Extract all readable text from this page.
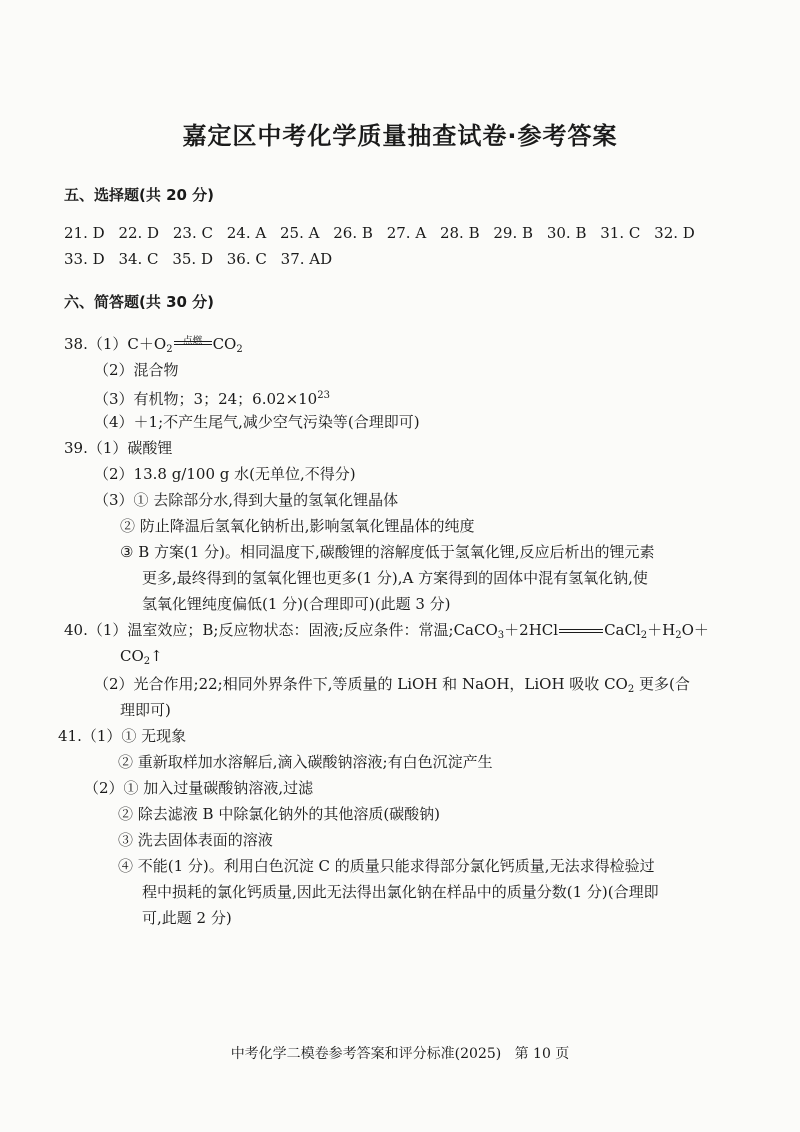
嘉定区中考化学质量抽查试卷·参考答案
五、选择题(共 20 分)
21. D 22. D 23. C 24. A 25. A 26. B 27. A 28. B 29. B 30. B 31. C 32. D
33. D 34. C 35. D 36. C 37. AD
六、简答题(共 30 分)
$38.(1)C+O_2$
点燃 $CO_2$
（2）混合物
（3）有机物；3；24；$6.02\times 10^{23}$
（4）＋1;不产生尾气,减少空气污染等(合理即可)
39.（1）碳酸锂
（2）13.8 g/100 g 水(无单位,不得分)
（3）① 去除部分水,得到大量的氢氧化锂晶体
② 防止降温后氢氧化钠析出,影响氢氧化锂晶体的纯度
③ B 方案(1 分)。相同温度下,碳酸锂的溶解度低于氢氧化锂,反应后析出的锂元素
更多,最终得到的氢氧化锂也更多(1 分),A 方案得到的固体中混有氢氧化钠,使
氢氧化锂纯度偏低(1 分)(合理即可)(此题 3 分)
40.（1）温室效应；B;反应物状态：固液;反应条件：常温;CaCO$_3$＋2HCl	$CaCl_2+H_2O+$
$CO_2↑$
（2）光合作用;22;相同外界条件下,等质量的 LiOH 和 NaOH，LiOH 吸收 $CO_2$ 更多(合
理即可)
41.（1）① 无现象
② 重新取样加水溶解后,滴入碳酸钠溶液;有白色沉淀产生
（2）① 加入过量碳酸钠溶液,过滤
② 除去滤液 B 中除氯化钠外的其他溶质(碳酸钠)
③ 洗去固体表面的溶液
④ 不能(1 分)。利用白色沉淀 C 的质量只能求得部分氯化钙质量,无法求得检验过
程中损耗的氯化钙质量,因此无法得出氯化钠在样品中的质量分数(1 分)(合理即
可,此题 2 分)
中考化学二模卷参考答案和评分标准(2025)   第 10 页
